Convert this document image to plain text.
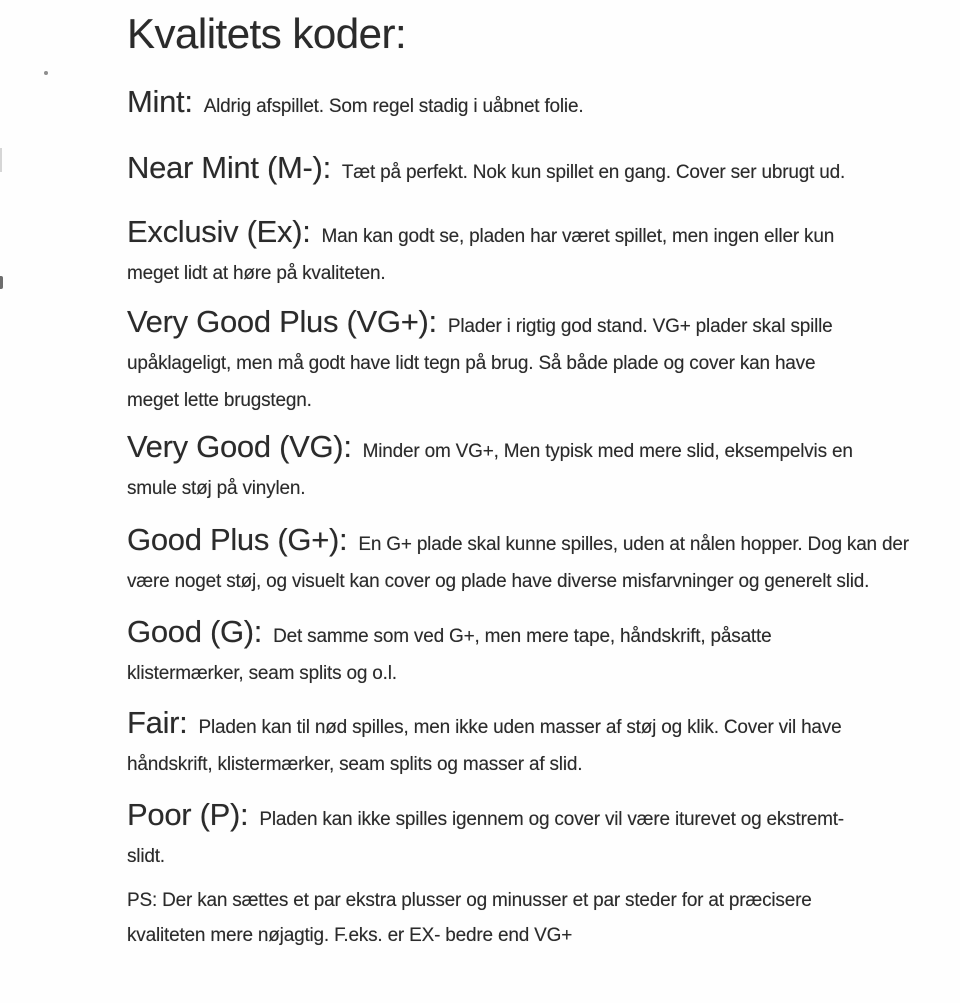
Kvalitets koder:
Mint: Aldrig afspillet. Som regel stadig i uåbnet folie.
Near Mint (M-): Tæt på perfekt. Nok kun spillet en gang. Cover ser ubrugt ud.
Exclusiv (Ex): Man kan godt se, pladen har været spillet, men ingen eller kun
meget lidt at høre på kvaliteten.
Very Good Plus (VG+): Plader i rigtig god stand. VG+ plader skal spille
upåklageligt, men må godt have lidt tegn på brug. Så både plade og cover kan have
meget lette brugstegn.
Very Good (VG): Minder om VG+, Men typisk med mere slid, eksempelvis en
smule støj på vinylen.
Good Plus (G+): En G+ plade skal kunne spilles, uden at nålen hopper. Dog kan der
være noget støj, og visuelt kan cover og plade have diverse misfarvninger og generelt slid.
Good (G): Det samme som ved G+, men mere tape, håndskrift, påsatte
klistermærker, seam splits og o.l.
Fair: Pladen kan til nød spilles, men ikke uden masser af støj og klik. Cover vil have
håndskrift, klistermærker, seam splits og masser af slid.
Poor (P): Pladen kan ikke spilles igennem og cover vil være iturevet og ekstremt-
slidt.
PS: Der kan sættes et par ekstra plusser og minusser et par steder for at præcisere
kvaliteten mere nøjagtig. F.eks. er EX- bedre end VG+
